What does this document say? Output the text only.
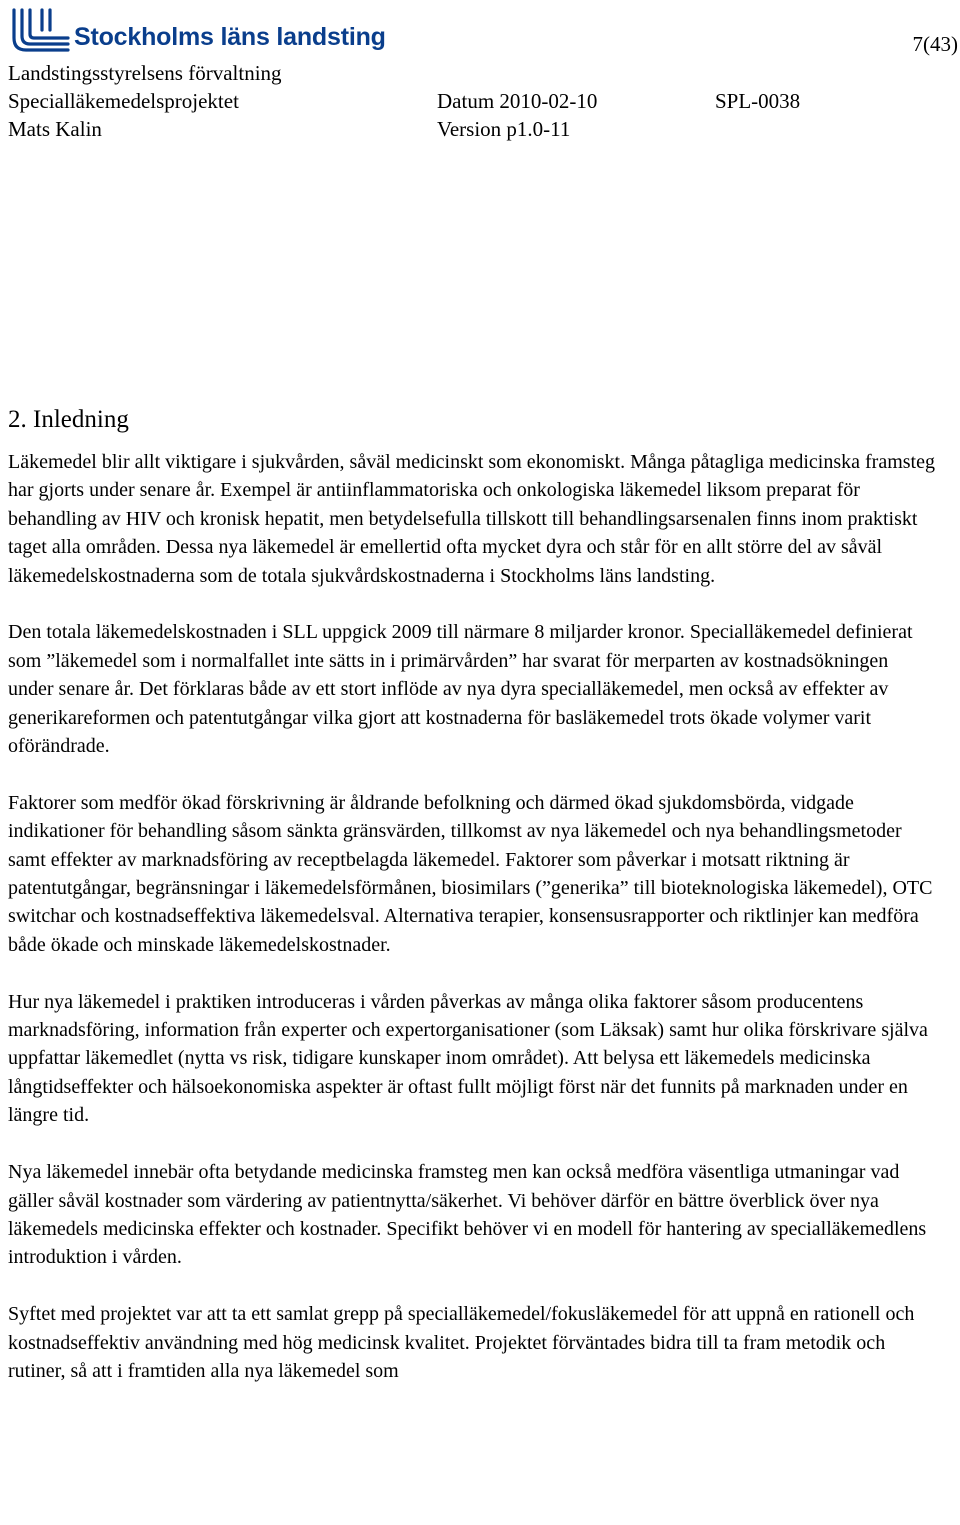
Stockholms läns landsting	7(43)
Landstingsstyrelsens förvaltning
Specialläkemedelsprojektet	Datum 2010-02-10	SPL-0038
Mats Kalin	Version p1.0-11
2. Inledning

Läkemedel blir allt viktigare i sjukvården, såväl medicinskt som ekonomiskt. Många påtagliga medicinska framsteg har gjorts under senare år. Exempel är antiinflammatoriska och onkologiska läkemedel liksom preparat för behandling av HIV och kronisk hepatit, men betydelsefulla tillskott till behandlingsarsenalen finns inom praktiskt taget alla områden. Dessa nya läkemedel är emellertid ofta mycket dyra och står för en allt större del av såväl läkemedelskostnaderna som de totala sjukvårdskostnaderna i Stockholms läns landsting.

Den totala läkemedelskostnaden i SLL uppgick 2009 till närmare 8 miljarder kronor. Specialläkemedel definierat som ”läkemedel som i normalfallet inte sätts in i primärvården” har svarat för merparten av kostnadsökningen under senare år. Det förklaras både av ett stort inflöde av nya dyra specialläkemedel, men också av effekter av generikareformen och patentutgångar vilka gjort att kostnaderna för basläkemedel trots ökade volymer varit oförändrade.

Faktorer som medför ökad förskrivning är åldrande befolkning och därmed ökad sjukdomsbörda, vidgade indikationer för behandling såsom sänkta gränsvärden, tillkomst av nya läkemedel och nya behandlingsmetoder samt effekter av marknadsföring av receptbelagda läkemedel. Faktorer som påverkar i motsatt riktning är patentutgångar, begränsningar i läkemedelsförmånen, biosimilars (”generika” till bioteknologiska läkemedel), OTC switchar och kostnadseffektiva läkemedelsval. Alternativa terapier, konsensusrapporter och riktlinjer kan medföra både ökade och minskade läkemedelskostnader.

Hur nya läkemedel i praktiken introduceras i vården påverkas av många olika faktorer såsom producentens marknadsföring, information från experter och expertorganisationer (som Läksak) samt hur olika förskrivare själva uppfattar läkemedlet (nytta vs risk, tidigare kunskaper inom området). Att belysa ett läkemedels medicinska långtidseffekter och hälsoekonomiska aspekter är oftast fullt möjligt först när det funnits på marknaden under en längre tid.

Nya läkemedel innebär ofta betydande medicinska framsteg men kan också medföra väsentliga utmaningar vad gäller såväl kostnader som värdering av patientnytta/säkerhet. Vi behöver därför en bättre överblick över nya läkemedels medicinska effekter och kostnader. Specifikt behöver vi en modell för hantering av specialläkemedlens introduktion i vården.

Syftet med projektet var att ta ett samlat grepp på specialläkemedel/fokusläkemedel för att uppnå en rationell och kostnadseffektiv användning med hög medicinsk kvalitet. Projektet förväntades bidra till ta fram metodik och rutiner, så att i framtiden alla nya läkemedel som
